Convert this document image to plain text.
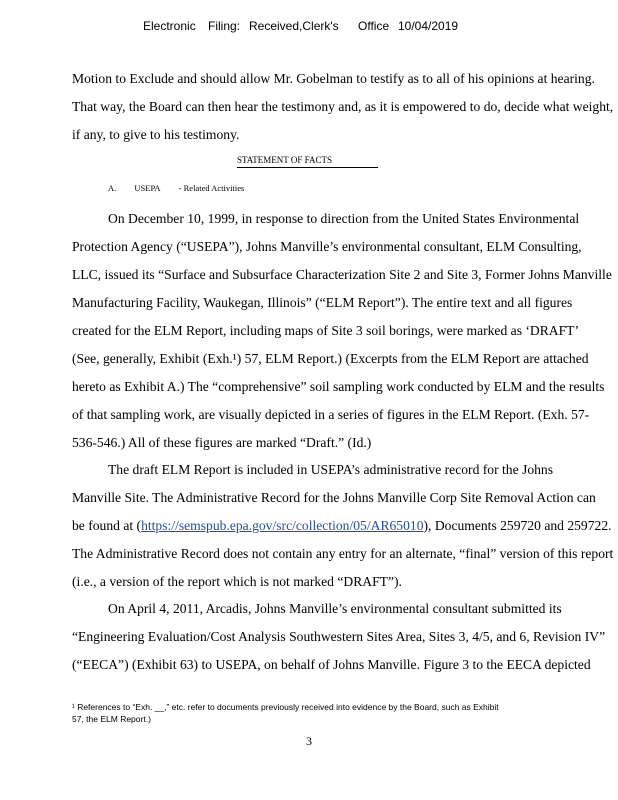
Electronic Filing: Received,Clerk's Office 10/04/2019
Motion to Exclude and should allow Mr. Gobelman to testify as to all of his opinions at hearing.
That way, the Board can then hear the testimony and, as it is empowered to do, decide what weight,
if any, to give to his testimony.
STATEMENT OF FACTS
A. USEPA - Related Activities
On December 10, 1999, in response to direction from the United States Environmental
Protection Agency (“USEPA”), Johns Manville’s environmental consultant, ELM Consulting,
LLC, issued its “Surface and Subsurface Characterization Site 2 and Site 3, Former Johns Manville
Manufacturing Facility, Waukegan, Illinois” (“ELM Report”). The entire text and all figures
created for the ELM Report, including maps of Site 3 soil borings, were marked as ‘DRAFT’
(See, generally, Exhibit (Exh.¹) 57, ELM Report.) (Excerpts from the ELM Report are attached
hereto as Exhibit A.) The “comprehensive” soil sampling work conducted by ELM and the results
of that sampling work, are visually depicted in a series of figures in the ELM Report. (Exh. 57-
536-546.) All of these figures are marked “Draft.” (Id.)
The draft ELM Report is included in USEPA’s administrative record for the Johns
Manville Site. The Administrative Record for the Johns Manville Corp Site Removal Action can
be found at (https://semspub.epa.gov/src/collection/05/AR65010), Documents 259720 and 259722.
The Administrative Record does not contain any entry for an alternate, “final” version of this report
(i.e., a version of the report which is not marked “DRAFT”).
On April 4, 2011, Arcadis, Johns Manville’s environmental consultant submitted its
“Engineering Evaluation/Cost Analysis Southwestern Sites Area, Sites 3, 4/5, and 6, Revision IV”
(“EECA”) (Exhibit 63) to USEPA, on behalf of Johns Manville. Figure 3 to the EECA depicted
¹ References to “Exh. __,” etc. refer to documents previously received into evidence by the Board, such as Exhibit
57, the ELM Report.)
3
